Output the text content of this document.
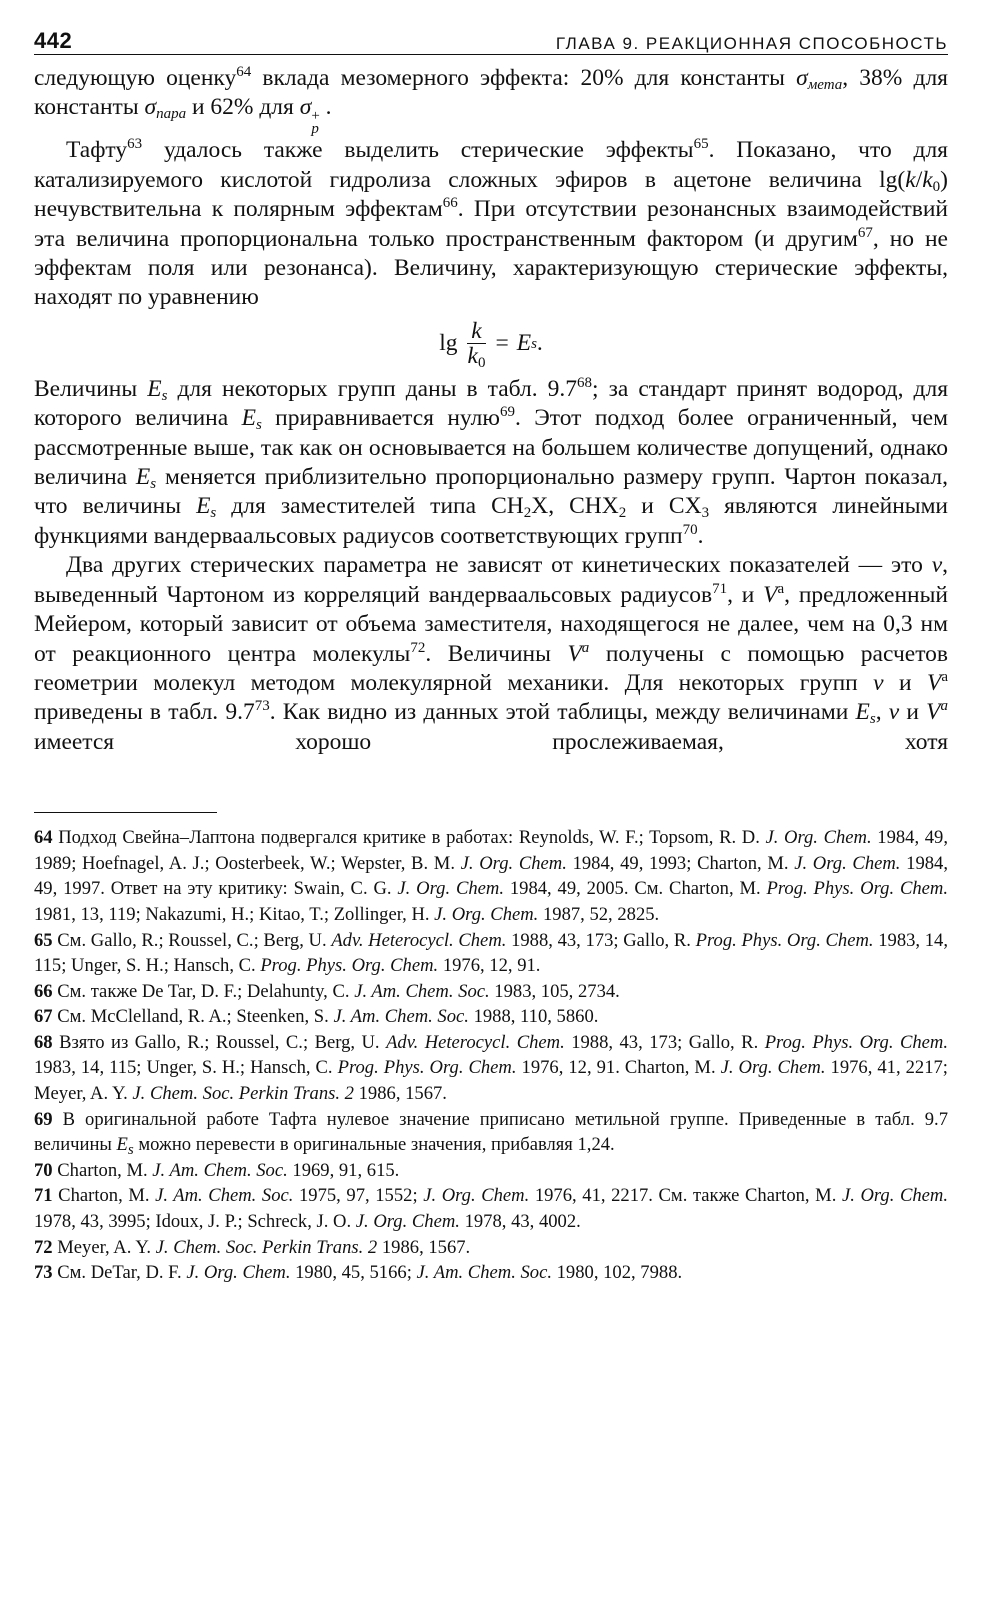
442	ГЛАВА 9. РЕАКЦИОННАЯ СПОСОБНОСТЬ

следующую оценку$^{64}$ вклада мезомерного эффекта: 20% для константы $\sigma_{мета}$, 38% для константы $\sigma_{пара}$ и 62% для σ +
p
.

Тафту$^{63}$ удалось также выделить стерические эффекты$^{65}$. Показано, что для катализируемого кислотой гидролиза сложных эфиров в ацетоне величина $\lg(k/k_0)$ нечувствительна к полярным эффектам$^{66}$. При отсутствии резонансных взаимодействий эта величина пропорциональна только пространственным фактором (и другим$^{67}$, но не эффектам поля или резонанса). Величину, характеризующую стерические эффекты, находят по уравнению

$\lg \frac{k}{k_0} = E$ s .

Величины $E_s$ для некоторых групп даны в табл. $9.7^{68}$; за стандарт принят водород, для которого величина $E_s$ приравнивается нулю$^{69}$. Этот подход более ограниченный, чем рассмотренные выше, так как он основывается на большем количестве допущений, однако величина $E_s$ меняется приблизительно пропорционально размеру групп. Чартон показал, что величины $E_s$ для заместителей типа $CH_2X$, $CHX_2$ и $CX_3$ являются линейными функциями вандерваальсовых радиусов соответствующих групп$^{70}$.

Два других стерических параметра не зависят от кинетических показателей — это ν, выведенный Чартоном из корреляций вандерваальсовых радиусов$^{71}$, и $V^a$, предложенный Мейером, который зависит от объема заместителя, находящегося не далее, чем на 0,3 нм от реакционного центра молекулы$^{72}$. Величины $V^a$ получены с помощью расчетов геометрии молекул методом молекулярной механики. Для некоторых групп ν и $V^a$ приведены в табл. $9.7^{73}$. Как видно из данных этой таблицы, между величинами $E_s$, ν и $V^a$ имеется хорошо прослеживаемая, хотя

64 Подход Свейна–Лаптона подвергался критике в работах: Reynolds, W. F.; Topsom, R. D. J. Org. Chem. 1984, 49, 1989; Hoefnagel, A. J.; Oosterbeek, W.; Wepster, B. M. J. Org. Chem. 1984, 49, 1993; Charton, M. J. Org. Chem. 1984, 49, 1997. Ответ на эту критику: Swain, C. G. J. Org. Chem. 1984, 49, 2005. См. Charton, M. Prog. Phys. Org. Chem. 1981, 13, 119; Nakazumi, H.; Kitao, T.; Zollinger, H. J. Org. Chem. 1987, 52, 2825.

65 См. Gallo, R.; Roussel, C.; Berg, U. Adv. Heterocycl. Chem. 1988, 43, 173; Gallo, R. Prog. Phys. Org. Chem. 1983, 14, 115; Unger, S. H.; Hansch, C. Prog. Phys. Org. Chem. 1976, 12, 91.

66 См. также De Tar, D. F.; Delahunty, C. J. Am. Chem. Soc. 1983, 105, 2734.

67 См. McClelland, R. A.; Steenken, S. J. Am. Chem. Soc. 1988, 110, 5860.

68 Взято из Gallo, R.; Roussel, C.; Berg, U. Adv. Heterocycl. Chem. 1988, 43, 173; Gallo, R. Prog. Phys. Org. Chem. 1983, 14, 115; Unger, S. H.; Hansch, C. Prog. Phys. Org. Chem. 1976, 12, 91. Charton, M. J. Org. Chem. 1976, 41, 2217; Meyer, A. Y. J. Chem. Soc. Perkin Trans. 2 1986, 1567.

69 В оригинальной работе Тафта нулевое значение приписано метильной группе. Приведенные в табл. 9.7 величины $E_s$ можно перевести в оригинальные значения, прибавляя 1,24.

70 Charton, M. J. Am. Chem. Soc. 1969, 91, 615.

71 Charton, M. J. Am. Chem. Soc. 1975, 97, 1552; J. Org. Chem. 1976, 41, 2217. См. также Charton, M. J. Org. Chem. 1978, 43, 3995; Idoux, J. P.; Schreck, J. O. J. Org. Chem. 1978, 43, 4002.

72 Meyer, A. Y. J. Chem. Soc. Perkin Trans. 2 1986, 1567.

73 См. DeTar, D. F. J. Org. Chem. 1980, 45, 5166; J. Am. Chem. Soc. 1980, 102, 7988.
